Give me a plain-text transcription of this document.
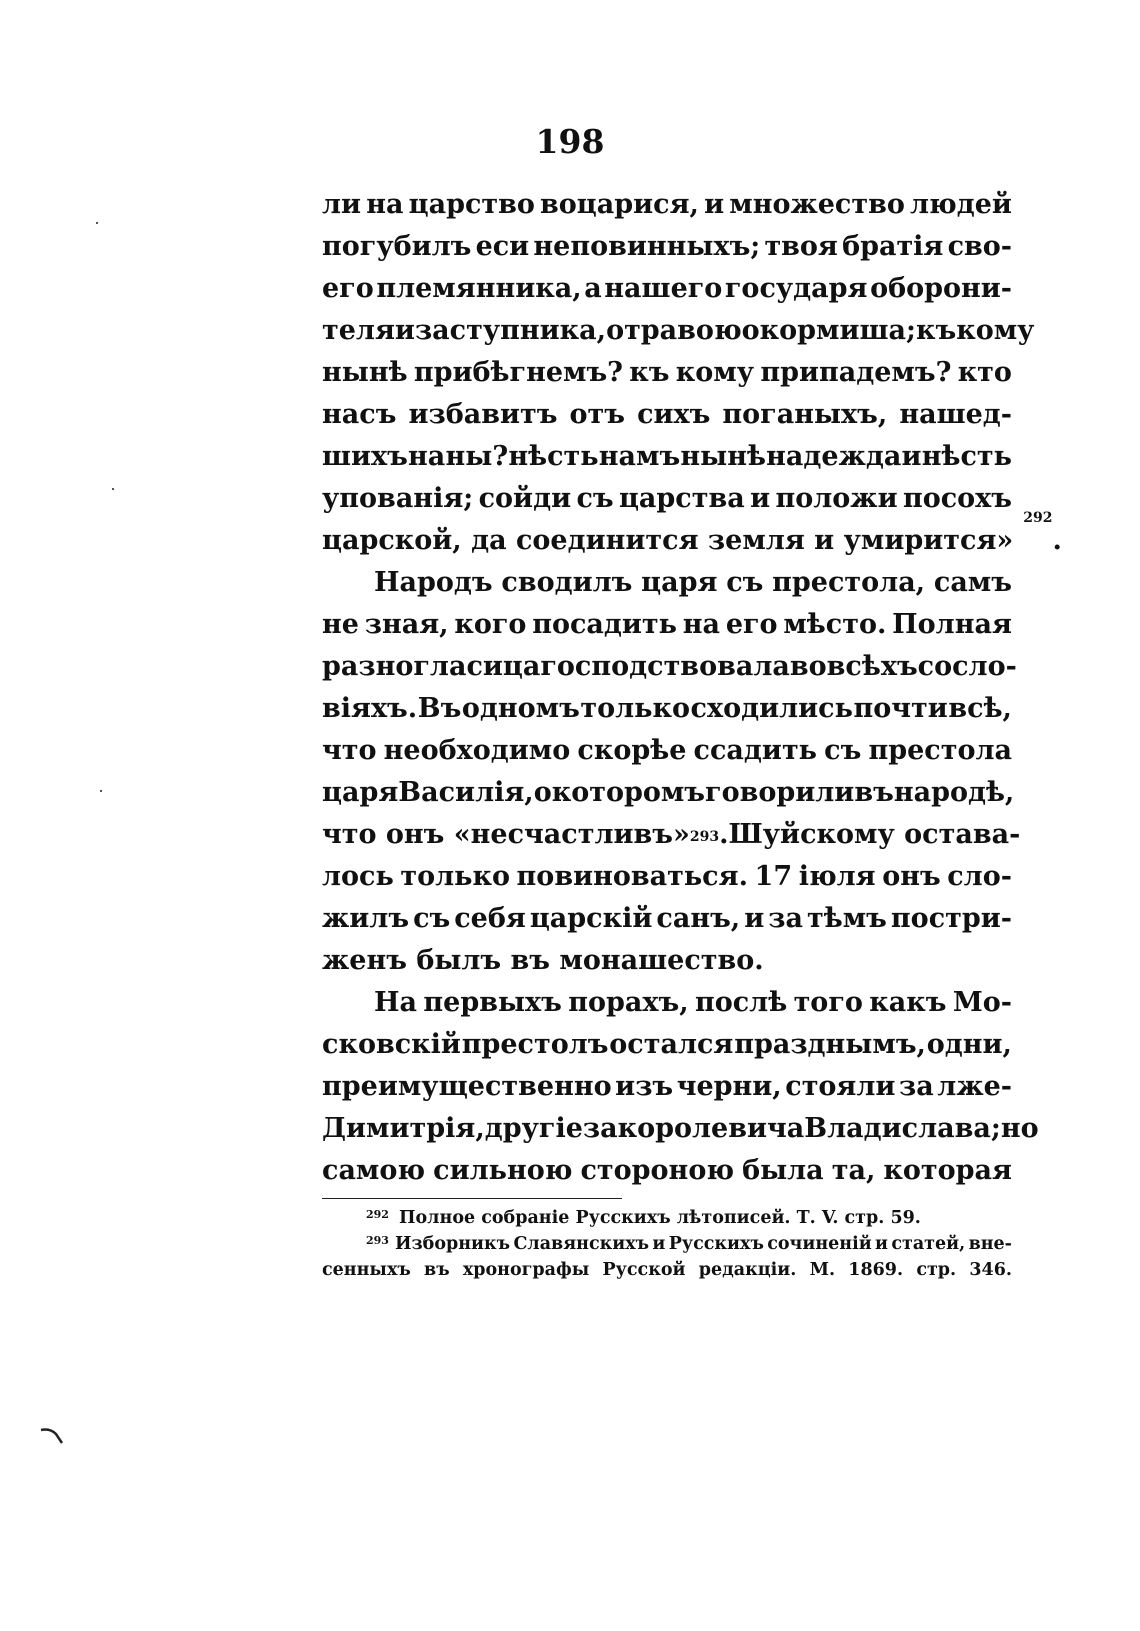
198
ли на царство воцарися, и множество людей
погубилъ еси неповинныхъ; твоя братія сво-
его племянника, а нашего государя оборони-
теля и заступника, отравою окормиша; къ кому
нынѣ прибѣгнемъ? къ кому припадемъ? кто
насъ избавитъ отъ сихъ поганыхъ, нашед-
шихъ на ны? нѣсть намъ нынѣ надежда и нѣсть
упованія; сойди съ царства и положи посохъ
царской, да соединится земля и умирится»
$^{292}$
.
Народъ сводилъ царя съ престола, самъ
не зная, кого посадить на его мѣсто. Полная
разногласица господствовала во всѣхъ сосло-
віяхъ. Въ одномъ только сходились почти всѣ,
что необходимо скорѣе ссадить съ престола
царя Василія, о которомъ говорили въ народѣ,
что онъ «несчастливъ»$^{293}$ . Шуйскому остава-
лось только повиноваться. 17 іюля онъ сло-
жилъ съ себя царскій санъ, и за тѣмъ постри-
женъ былъ въ монашество.
На первыхъ порахъ, послѣ того какъ Мо-
сковскій престолъ остался празднымъ, одни,
преимущественно изъ черни, стояли за лже-
Димитрія, другіе за королевича Владислава; но
самою сильною стороною была та, которая
$^{292}$ Полное собраніе Русскихъ лѣтописей. Т. V. стр. 59.
$^{293}$ Изборникъ Славянскихъ и Русскихъ сочиненій и статей, вне-
сенныхъ въ хронографы Русской редакціи. М. 1869. стр. 346.
